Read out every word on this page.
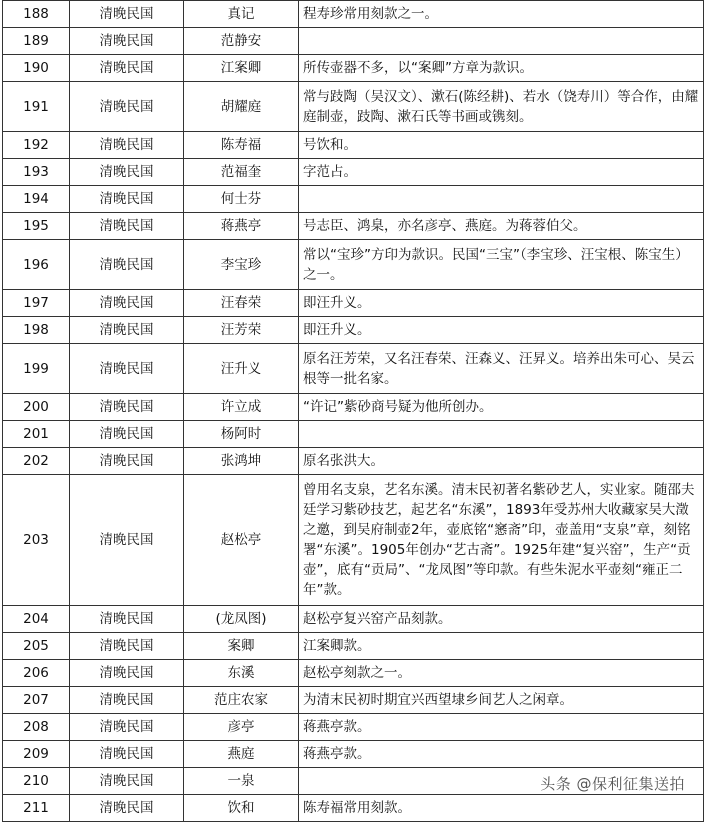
188	清晚民国	真记	程寿珍常用刻款之一。
189	清晚民国	范静安	
190	清晚民国	江案卿	所传壶器不多，以“案卿”方章为款识。
191	清晚民国	胡耀庭	常与跂陶（吴汉文）、漱石(陈经耕)、若水（饶寿川）等合作，由耀庭制壶，跂陶、漱石氏等书画或镌刻。
192	清晚民国	陈寿福	号饮和。
193	清晚民国	范福奎	字范占。
194	清晚民国	何士芬	
195	清晚民国	蒋燕亭	号志臣、鸿臬，亦名彦亭、燕庭。为蒋蓉伯父。
196	清晚民国	李宝珍	常以“宝珍”方印为款识。民国“三宝”（李宝珍、汪宝根、陈宝生）之一。
197	清晚民国	汪春荣	即汪升义。
198	清晚民国	汪芳荣	即汪升义。
199	清晚民国	汪升义	原名汪芳荣，又名汪春荣、汪森义、汪昇义。培养出朱可心、吴云根等一批名家。
200	清晚民国	许立成	“许记”紫砂商号疑为他所创办。
201	清晚民国	杨阿时	
202	清晚民国	张鸿坤	原名张洪大。
203	清晚民国	赵松亭	曾用名支泉，艺名东溪。清末民初著名紫砂艺人，实业家。随邵夫廷学习紫砂技艺，起艺名“东溪”，1893年受苏州大收藏家吴大澂之邀，到吴府制壶2年，壶底铭“窸斋”印，壶盖用“支泉”章，刻铭署“东溪”。1905年创办“艺古斋”。1925年建“复兴窑”，生产“贡壶”，底有“贡局”、“龙凤图”等印款。有些朱泥水平壶刻“雍正二年”款。
204	清晚民国	(龙凤图)	赵松亭复兴窑产品刻款。
205	清晚民国	案卿	江案卿款。
206	清晚民国	东溪	赵松亭刻款之一。
207	清晚民国	范庄农家	为清末民初时期宜兴西望埭乡间艺人之闲章。
208	清晚民国	彦亭	蒋燕亭款。
209	清晚民国	燕庭	蒋燕亭款。
210	清晚民国	一泉	
211	清晚民国	饮和	陈寿福常用刻款。
头条 @保利征集送拍
